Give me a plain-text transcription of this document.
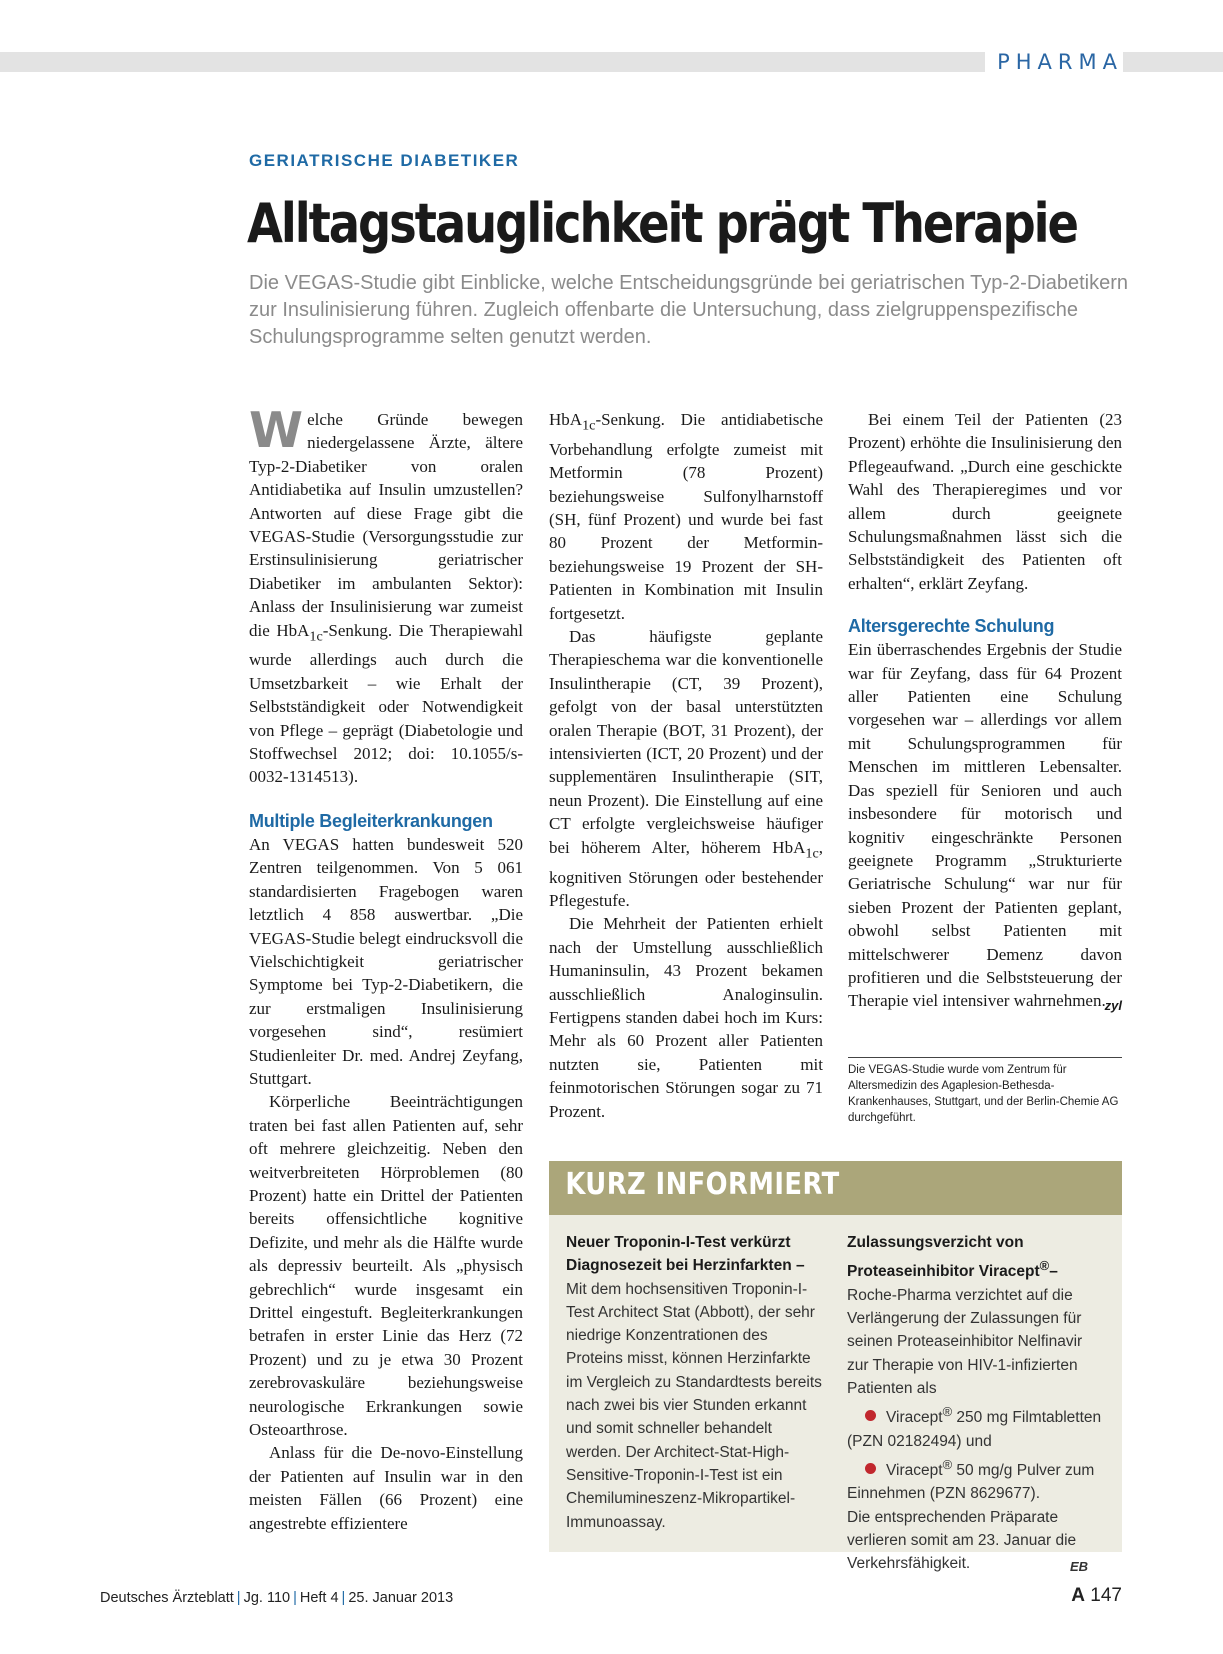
PHARMA
GERIATRISCHE DIABETIKER
Alltagstauglichkeit prägt Therapie

Die VEGAS-Studie gibt Einblicke, welche Entscheidungsgründe bei geriatrischen Typ-2-Diabetikern zur Insulinisierung führen. Zugleich offenbarte die Untersuchung, dass zielgruppenspezifische Schulungsprogramme selten genutzt werden.

Welche Gründe bewegen niedergelassene Ärzte, ältere Typ-2-Diabetiker von oralen Antidiabetika auf Insulin umzustellen? Antworten auf diese Frage gibt die VEGAS-Studie (Versorgungsstudie zur Erstinsulinisierung geriatrischer Diabetiker im ambulanten Sektor): Anlass der Insulinisierung war zumeist die HbA$_{1c}$-Senkung. Die Therapiewahl wurde allerdings auch durch die Umsetzbarkeit – wie Erhalt der Selbstständigkeit oder Notwendigkeit von Pflege – geprägt (Diabetologie und Stoffwechsel 2012; doi: 10.1055/s-0032-1314513).

Multiple Begleiterkrankungen

An VEGAS hatten bundesweit 520 Zentren teilgenommen. Von 5 061 standardisierten Fragebogen waren letztlich 4 858 auswertbar. „Die VEGAS-Studie belegt eindrucksvoll die Vielschichtigkeit geriatrischer Symptome bei Typ-2-Diabetikern, die zur erstmaligen Insulinisierung vorgesehen sind“, resümiert Studienleiter Dr. med. Andrej Zeyfang, Stuttgart.

Körperliche Beeinträchtigungen traten bei fast allen Patienten auf, sehr oft mehrere gleichzeitig. Neben den weitverbreiteten Hörproblemen (80 Prozent) hatte ein Drittel der Patienten bereits offensichtliche kognitive Defizite, und mehr als die Hälfte wurde als depressiv beurteilt. Als „physisch gebrechlich“ wurde insgesamt ein Drittel eingestuft. Begleiterkrankungen betrafen in erster Linie das Herz (72 Prozent) und zu je etwa 30 Prozent zerebrovaskuläre beziehungsweise neurologische Erkrankungen sowie Osteoarthrose.

Anlass für die De-novo-Einstellung der Patienten auf Insulin war in den meisten Fällen (66 Prozent) eine angestrebte effizientere

HbA$_{1c}$-Senkung. Die antidiabetische Vorbehandlung erfolgte zumeist mit Metformin (78 Prozent) beziehungsweise Sulfonylharnstoff (SH, fünf Prozent) und wurde bei fast 80 Prozent der Metformin- beziehungsweise 19 Prozent der SH-Patienten in Kombination mit Insulin fortgesetzt.

Das häufigste geplante Therapieschema war die konventionelle Insulintherapie (CT, 39 Prozent), gefolgt von der basal unterstützten oralen Therapie (BOT, 31 Prozent), der intensivierten (ICT, 20 Prozent) und der supplementären Insulintherapie (SIT, neun Prozent). Die Einstellung auf eine CT erfolgte vergleichsweise häufiger bei höherem Alter, höherem HbA$_{1c}$, kognitiven Störungen oder bestehender Pflegestufe.

Die Mehrheit der Patienten erhielt nach der Umstellung ausschließlich Humaninsulin, 43 Prozent bekamen ausschließlich Analoginsulin. Fertigpens standen dabei hoch im Kurs: Mehr als 60 Prozent aller Patienten nutzten sie, Patienten mit feinmotorischen Störungen sogar zu 71 Prozent.

Bei einem Teil der Patienten (23 Prozent) erhöhte die Insulinisierung den Pflegeaufwand. „Durch eine geschickte Wahl des Therapieregimes und vor allem durch geeignete Schulungsmaßnahmen lässt sich die Selbstständigkeit des Patienten oft erhalten“, erklärt Zeyfang.

Altersgerechte Schulung

Ein überraschendes Ergebnis der Studie war für Zeyfang, dass für 64 Prozent aller Patienten eine Schulung vorgesehen war – allerdings vor allem mit Schulungsprogrammen für Menschen im mittleren Lebensalter. Das speziell für Senioren und auch insbesondere für motorisch und kognitiv eingeschränkte Personen geeignete Programm „Strukturierte Geriatrische Schulung“ war nur für sieben Prozent der Patienten geplant, obwohl selbst Patienten mit mittelschwerer Demenz davon profitieren und die Selbststeuerung der Therapie viel intensiver wahrnehmen.

zyl
Die VEGAS-Studie wurde vom Zentrum für Altersmedizin des Agaplesion-Bethesda-Krankenhauses, Stuttgart, und der Berlin-Chemie AG durchgeführt.
KURZ INFORMIERT
Neuer Troponin-I-Test verkürzt Diagnosezeit bei Herzinfarkten – Mit dem hochsensitiven Troponin-I-Test Architect Stat (Abbott), der sehr niedrige Konzentrationen des Proteins misst, können Herzinfarkte im Vergleich zu Standardtests bereits nach zwei bis vier Stunden erkannt und somit schneller behandelt werden. Der Architect-Stat-High-Sensitive-Troponin-I-Test ist ein Chemilumineszenz-Mikropartikel-Immunoassay.
Zulassungsverzicht von Proteaseinhibitor Viracept®– Roche-Pharma verzichtet auf die Verlängerung der Zulassungen für seinen Proteaseinhibitor Nelfinavir zur Therapie von HIV-1-infizierten Patienten als
Viracept® 250 mg Filmtabletten (PZN 02182494) und
Viracept® 50 mg/g Pulver zum Einnehmen (PZN 8629677).
Die entsprechenden Präparate verlieren somit am 23. Januar die Verkehrsfähigkeit.	EB
Deutsches Ärzteblatt | Jg. 110 | Heft 4 | 25. Januar 2013	A 147
